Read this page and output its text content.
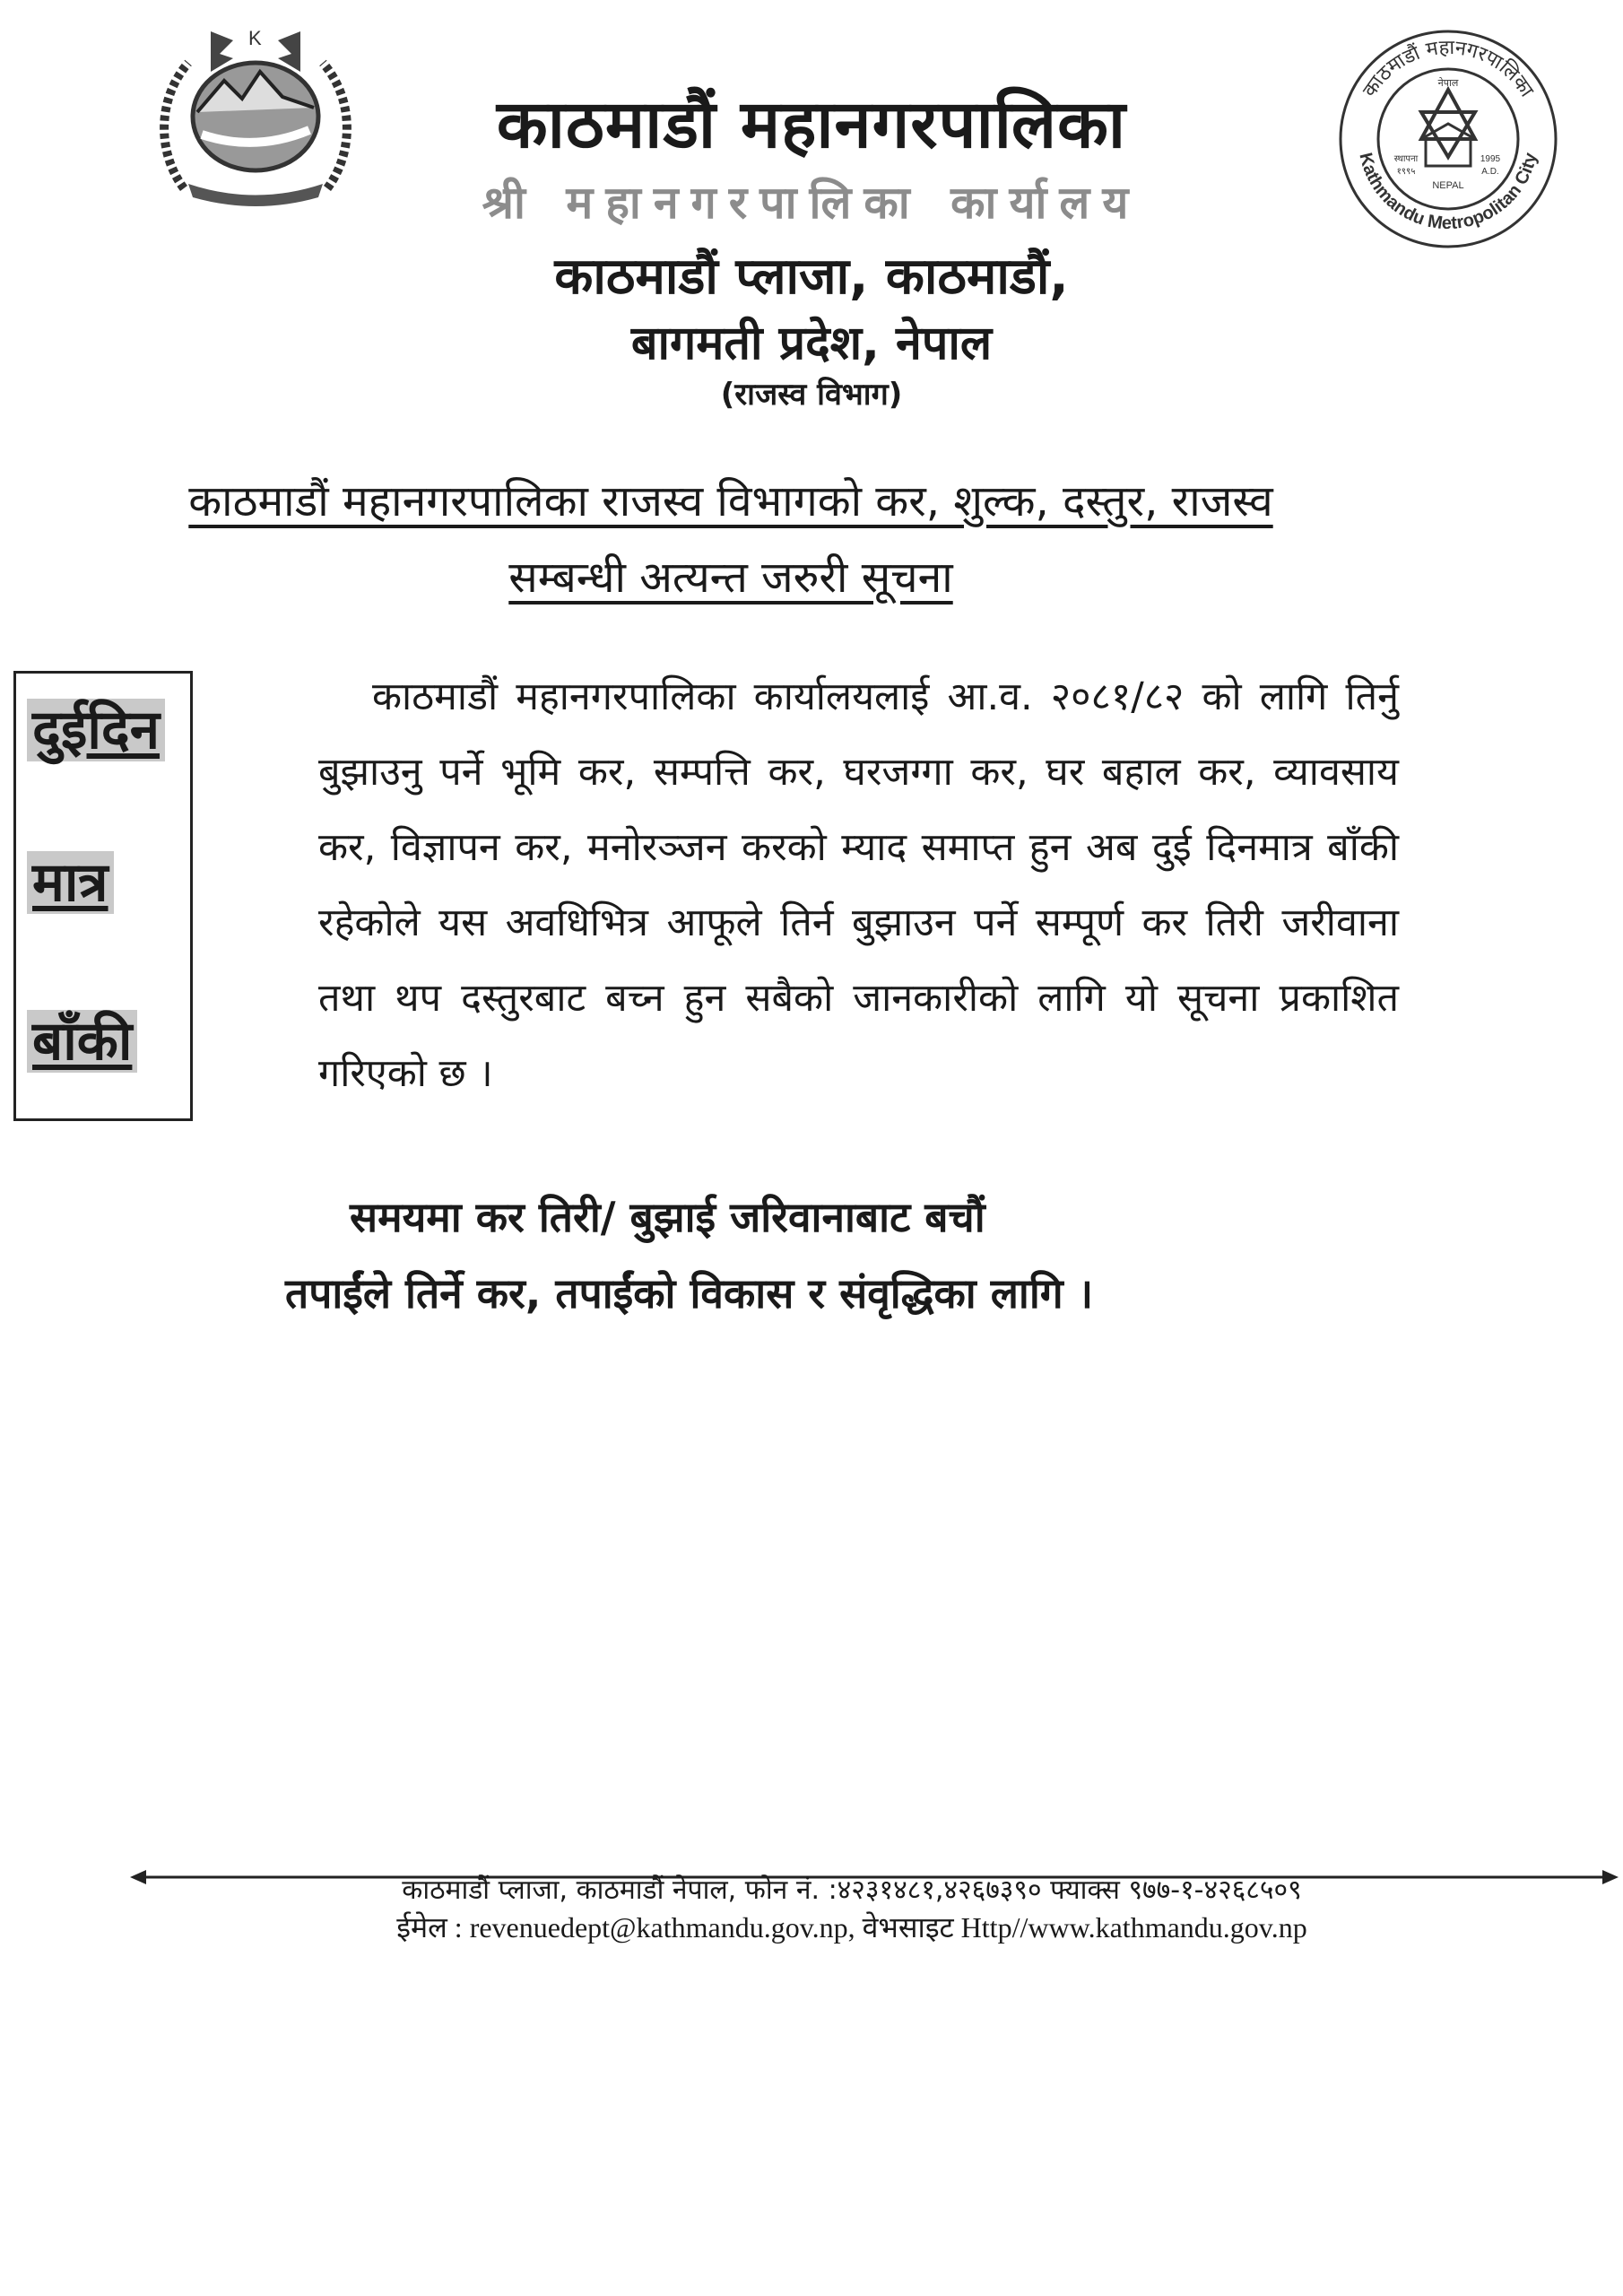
K
काठमाडौं महानगरपालिका
Kathmandu Metropolitan City
नेपाल
स्थापना
१९९५
1995
A.D.
NEPAL
काठमाडौं महानगरपालिका
श्री महानगरपालिका कार्यालय
काठमाडौं प्लाजा, काठमाडौं,
बागमती प्रदेश, नेपाल
(राजस्व विभाग)
काठमाडौं महानगरपालिका राजस्व विभागको कर, शुल्क, दस्तुर, राजस्व
सम्बन्धी अत्यन्त जरुरी सूचना
दुईदिन
मात्र
बाँकी
काठमाडौं महानगरपालिका कार्यालयलाई आ.व. २०८१/८२ को लागि तिर्नु बुझाउनु पर्ने भूमि कर, सम्पत्ति कर, घरजग्गा कर, घर बहाल कर, व्यावसाय कर, विज्ञापन कर, मनोरञ्जन करको म्याद समाप्त हुन अब दुई दिनमात्र बाँकी रहेकोले यस अवधिभित्र आफूले तिर्न बुझाउन पर्ने सम्पूर्ण कर तिरी जरीवाना तथा थप दस्तुरबाट बच्न हुन सबैको जानकारीको लागि यो सूचना प्रकाशित गरिएको छ ।
समयमा कर तिरी/ बुझाई जरिवानाबाट बचौं
तपाईंले तिर्ने कर, तपाईंको विकास र संवृद्धिका लागि ।
काठमाडौं प्लाजा, काठमाडौं नेपाल, फोन नं. :४२३१४८१,४२६७३९० फ्याक्स ९७७-१-४२६८५०९
ईमेल : revenuedept@kathmandu.gov.np, वेभसाइट Http//www.kathmandu.gov.np
